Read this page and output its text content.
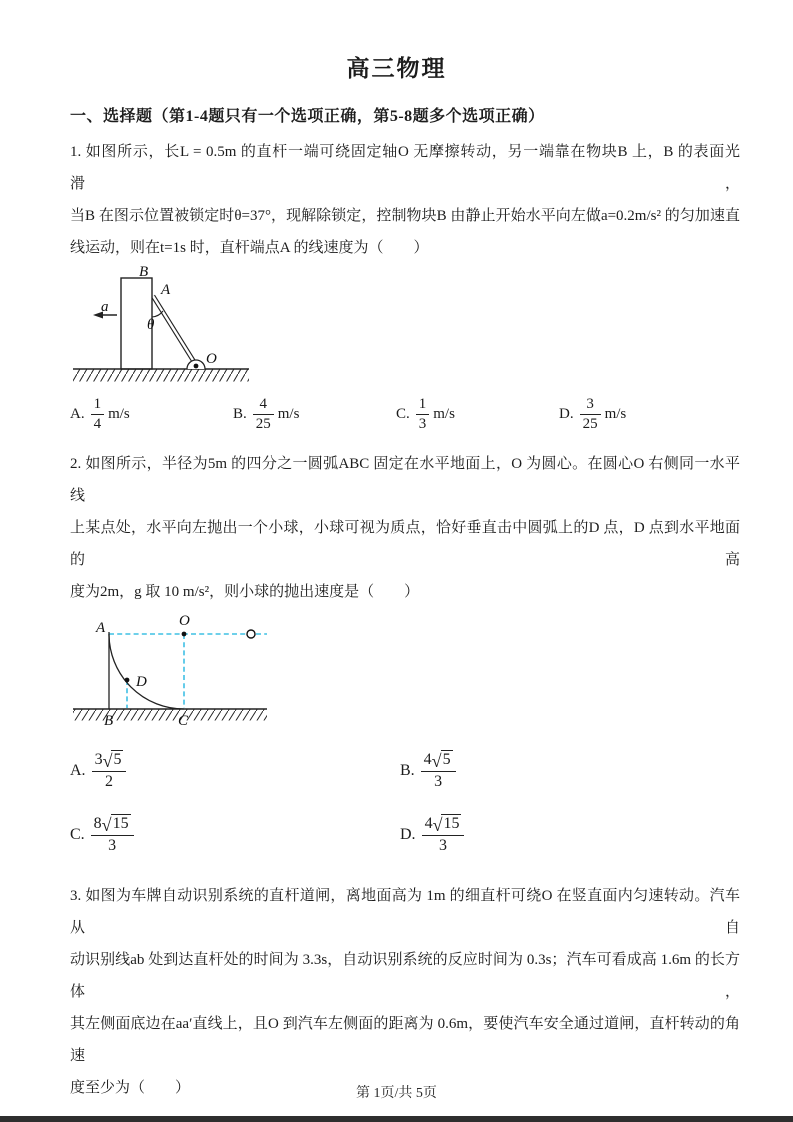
高三物理
一、选择题（第1-4题只有一个选项正确，第5-8题多个选项正确）
1. 如图所示，长L = 0.5m 的直杆一端可绕固定轴O 无摩擦转动，另一端靠在物块B 上，B 的表面光滑，
当B 在图示位置被锁定时θ=37°，现解除锁定，控制物块B 由静止开始水平向左做a=0.2m/s² 的匀加速直
线运动，则在t=1s 时，直杆端点A 的线速度为（　　）
B
A
a
θ
O
A. $\frac{1}{4} m/s$	B. $\frac{4}{25} m/s$	C. $\frac{1}{3} m/s$	D. $\frac{3}{25} m/s$
2. 如图所示，半径为5m 的四分之一圆弧ABC 固定在水平地面上，O 为圆心。在圆心O 右侧同一水平线
上某点处，水平向左抛出一个小球，小球可视为质点，恰好垂直击中圆弧上的D 点，D 点到水平地面的高
度为2m，g 取 10 m/s²，则小球的抛出速度是（　　）
A	O
D
B	C
A. $\frac{3 √ 5}{2}$	B. $\frac{4 √ 5}{3}$
C. $\frac{8 √ 15}{3}$	D. $\frac{4 √ 15}{3}$
3. 如图为车牌自动识别系统的直杆道闸，离地面高为 1m 的细直杆可绕O 在竖直面内匀速转动。汽车从自
动识别线ab 处到达直杆处的时间为 3.3s，自动识别系统的反应时间为 0.3s；汽车可看成高 1.6m 的长方体，
其左侧面底边在aa′直线上，且O 到汽车左侧面的距离为 0.6m，要使汽车安全通过道闸，直杆转动的角速
度至少为（　　）	第 1页/共 5页
